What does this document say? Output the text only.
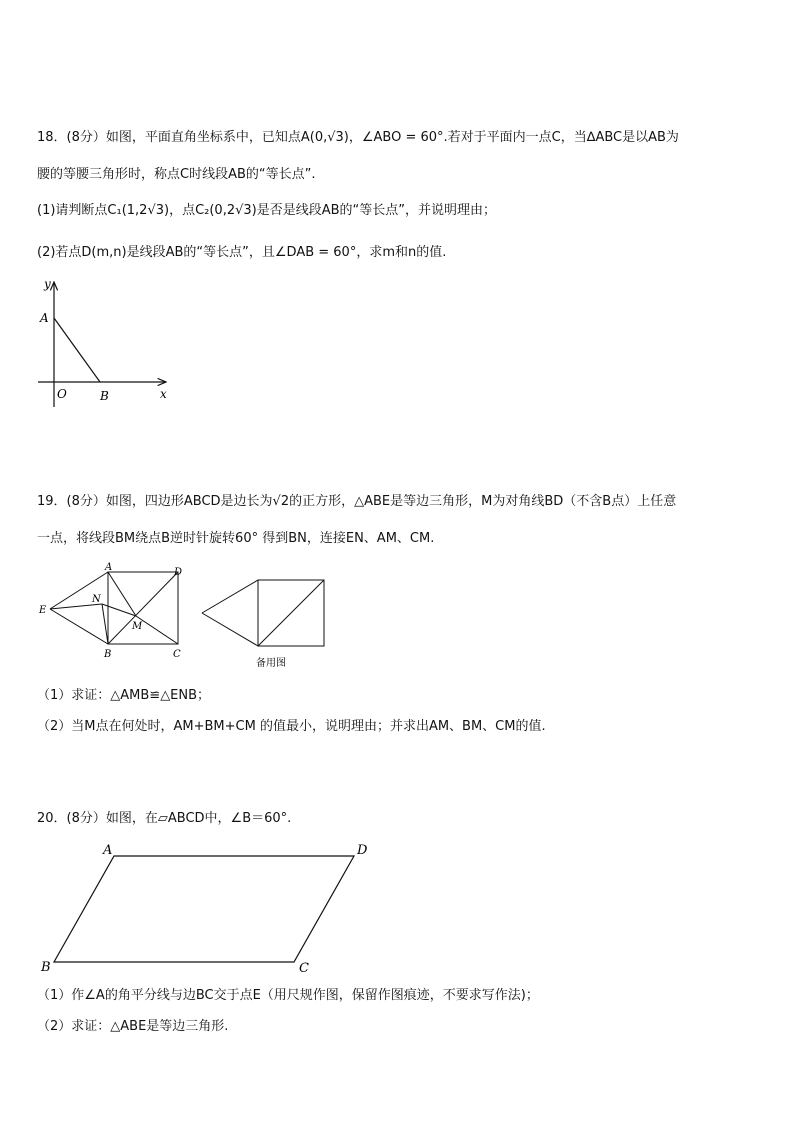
18．(8分）如图，平面直角坐标系中，已知点A(0,√3)，∠ABO = 60°.若对于平面内一点C，当∆ABC是以AB为
腰的等腰三角形时，称点C时线段AB的“等长点”.
(1)请判断点C₁(1,2√3)，点C₂(0,2√3)是否是线段AB的“等长点”，并说明理由；
(2)若点D(m,n)是线段AB的“等长点”，且∠DAB = 60°，求m和n的值.
y
A
O	B	x
19．(8分）如图，四边形ABCD是边长为√2的正方形，△ABE是等边三角形，M为对角线BD（不含B点）上任意
一点，将线段BM绕点B逆时针旋转60° 得到BN，连接EN、AM、CM.
A	D
E
N
M
B	C
备用图
（1）求证：△AMB≌△ENB；
（2）当M点在何处时，AM+BM+CM 的值最小，说明理由；并求出AM、BM、CM的值.
20．(8分）如图，在▱ABCD中，∠B＝60°.
A	D
B	C
（1）作∠A的角平分线与边BC交于点E（用尺规作图，保留作图痕迹，不要求写作法)；
（2）求证：△ABE是等边三角形.
